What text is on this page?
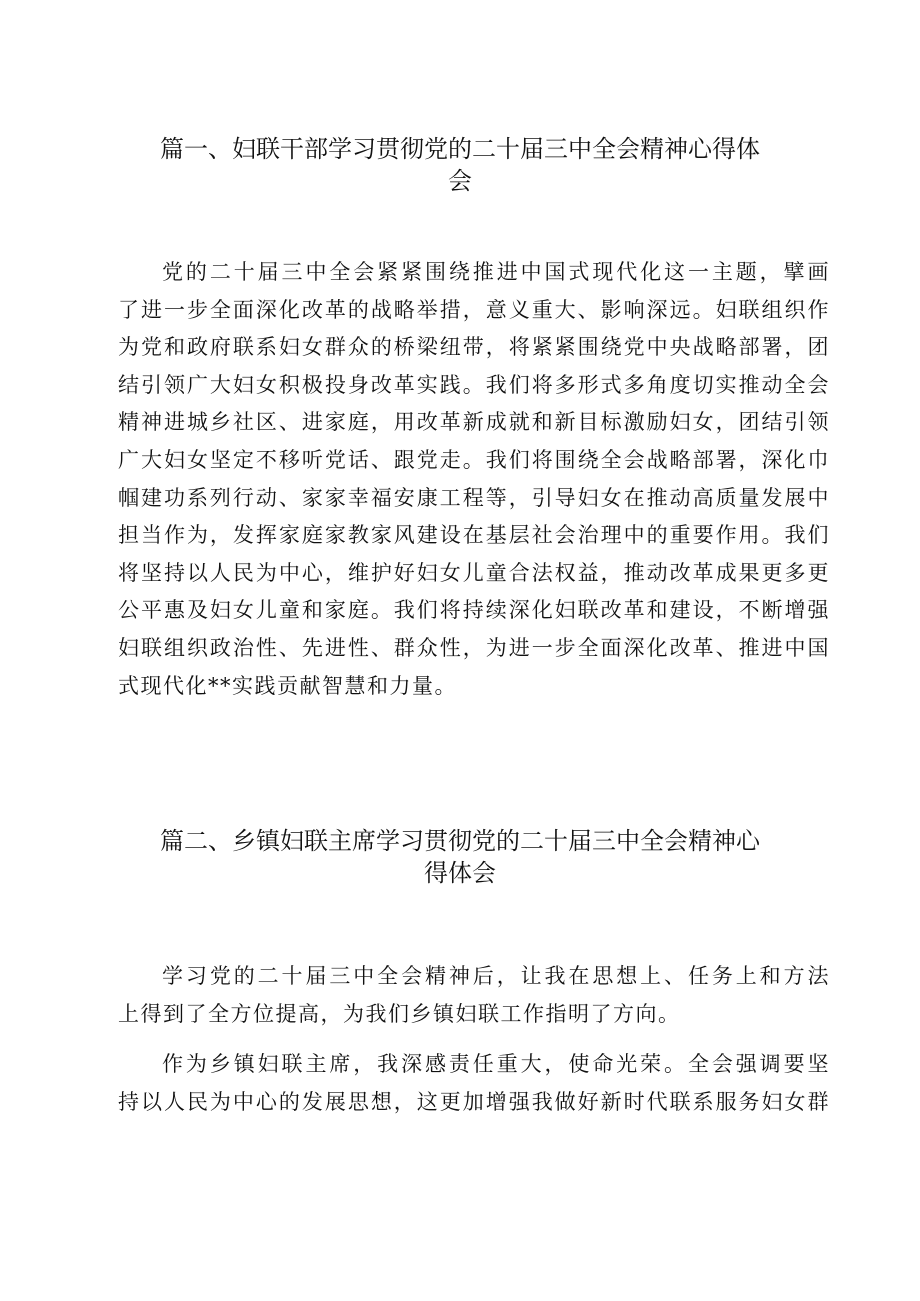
篇一、妇联干部学习贯彻党的二十届三中全会精神心得体
会
党的二十届三中全会紧紧围绕推进中国式现代化这一主题，擘画
了进一步全面深化改革的战略举措，意义重大、影响深远。妇联组织作
为党和政府联系妇女群众的桥梁纽带，将紧紧围绕党中央战略部署，团
结引领广大妇女积极投身改革实践。我们将多形式多角度切实推动全会
精神进城乡社区、进家庭，用改革新成就和新目标激励妇女，团结引领
广大妇女坚定不移听党话、跟党走。我们将围绕全会战略部署，深化巾
帼建功系列行动、家家幸福安康工程等，引导妇女在推动高质量发展中
担当作为，发挥家庭家教家风建设在基层社会治理中的重要作用。我们
将坚持以人民为中心，维护好妇女儿童合法权益，推动改革成果更多更
公平惠及妇女儿童和家庭。我们将持续深化妇联改革和建设，不断增强
妇联组织政治性、先进性、群众性，为进一步全面深化改革、推进中国
式现代化**实践贡献智慧和力量。
篇二、乡镇妇联主席学习贯彻党的二十届三中全会精神心
得体会
学习党的二十届三中全会精神后，让我在思想上、任务上和方法
上得到了全方位提高，为我们乡镇妇联工作指明了方向。
作为乡镇妇联主席，我深感责任重大，使命光荣。全会强调要坚
持以人民为中心的发展思想，这更加增强我做好新时代联系服务妇女群
